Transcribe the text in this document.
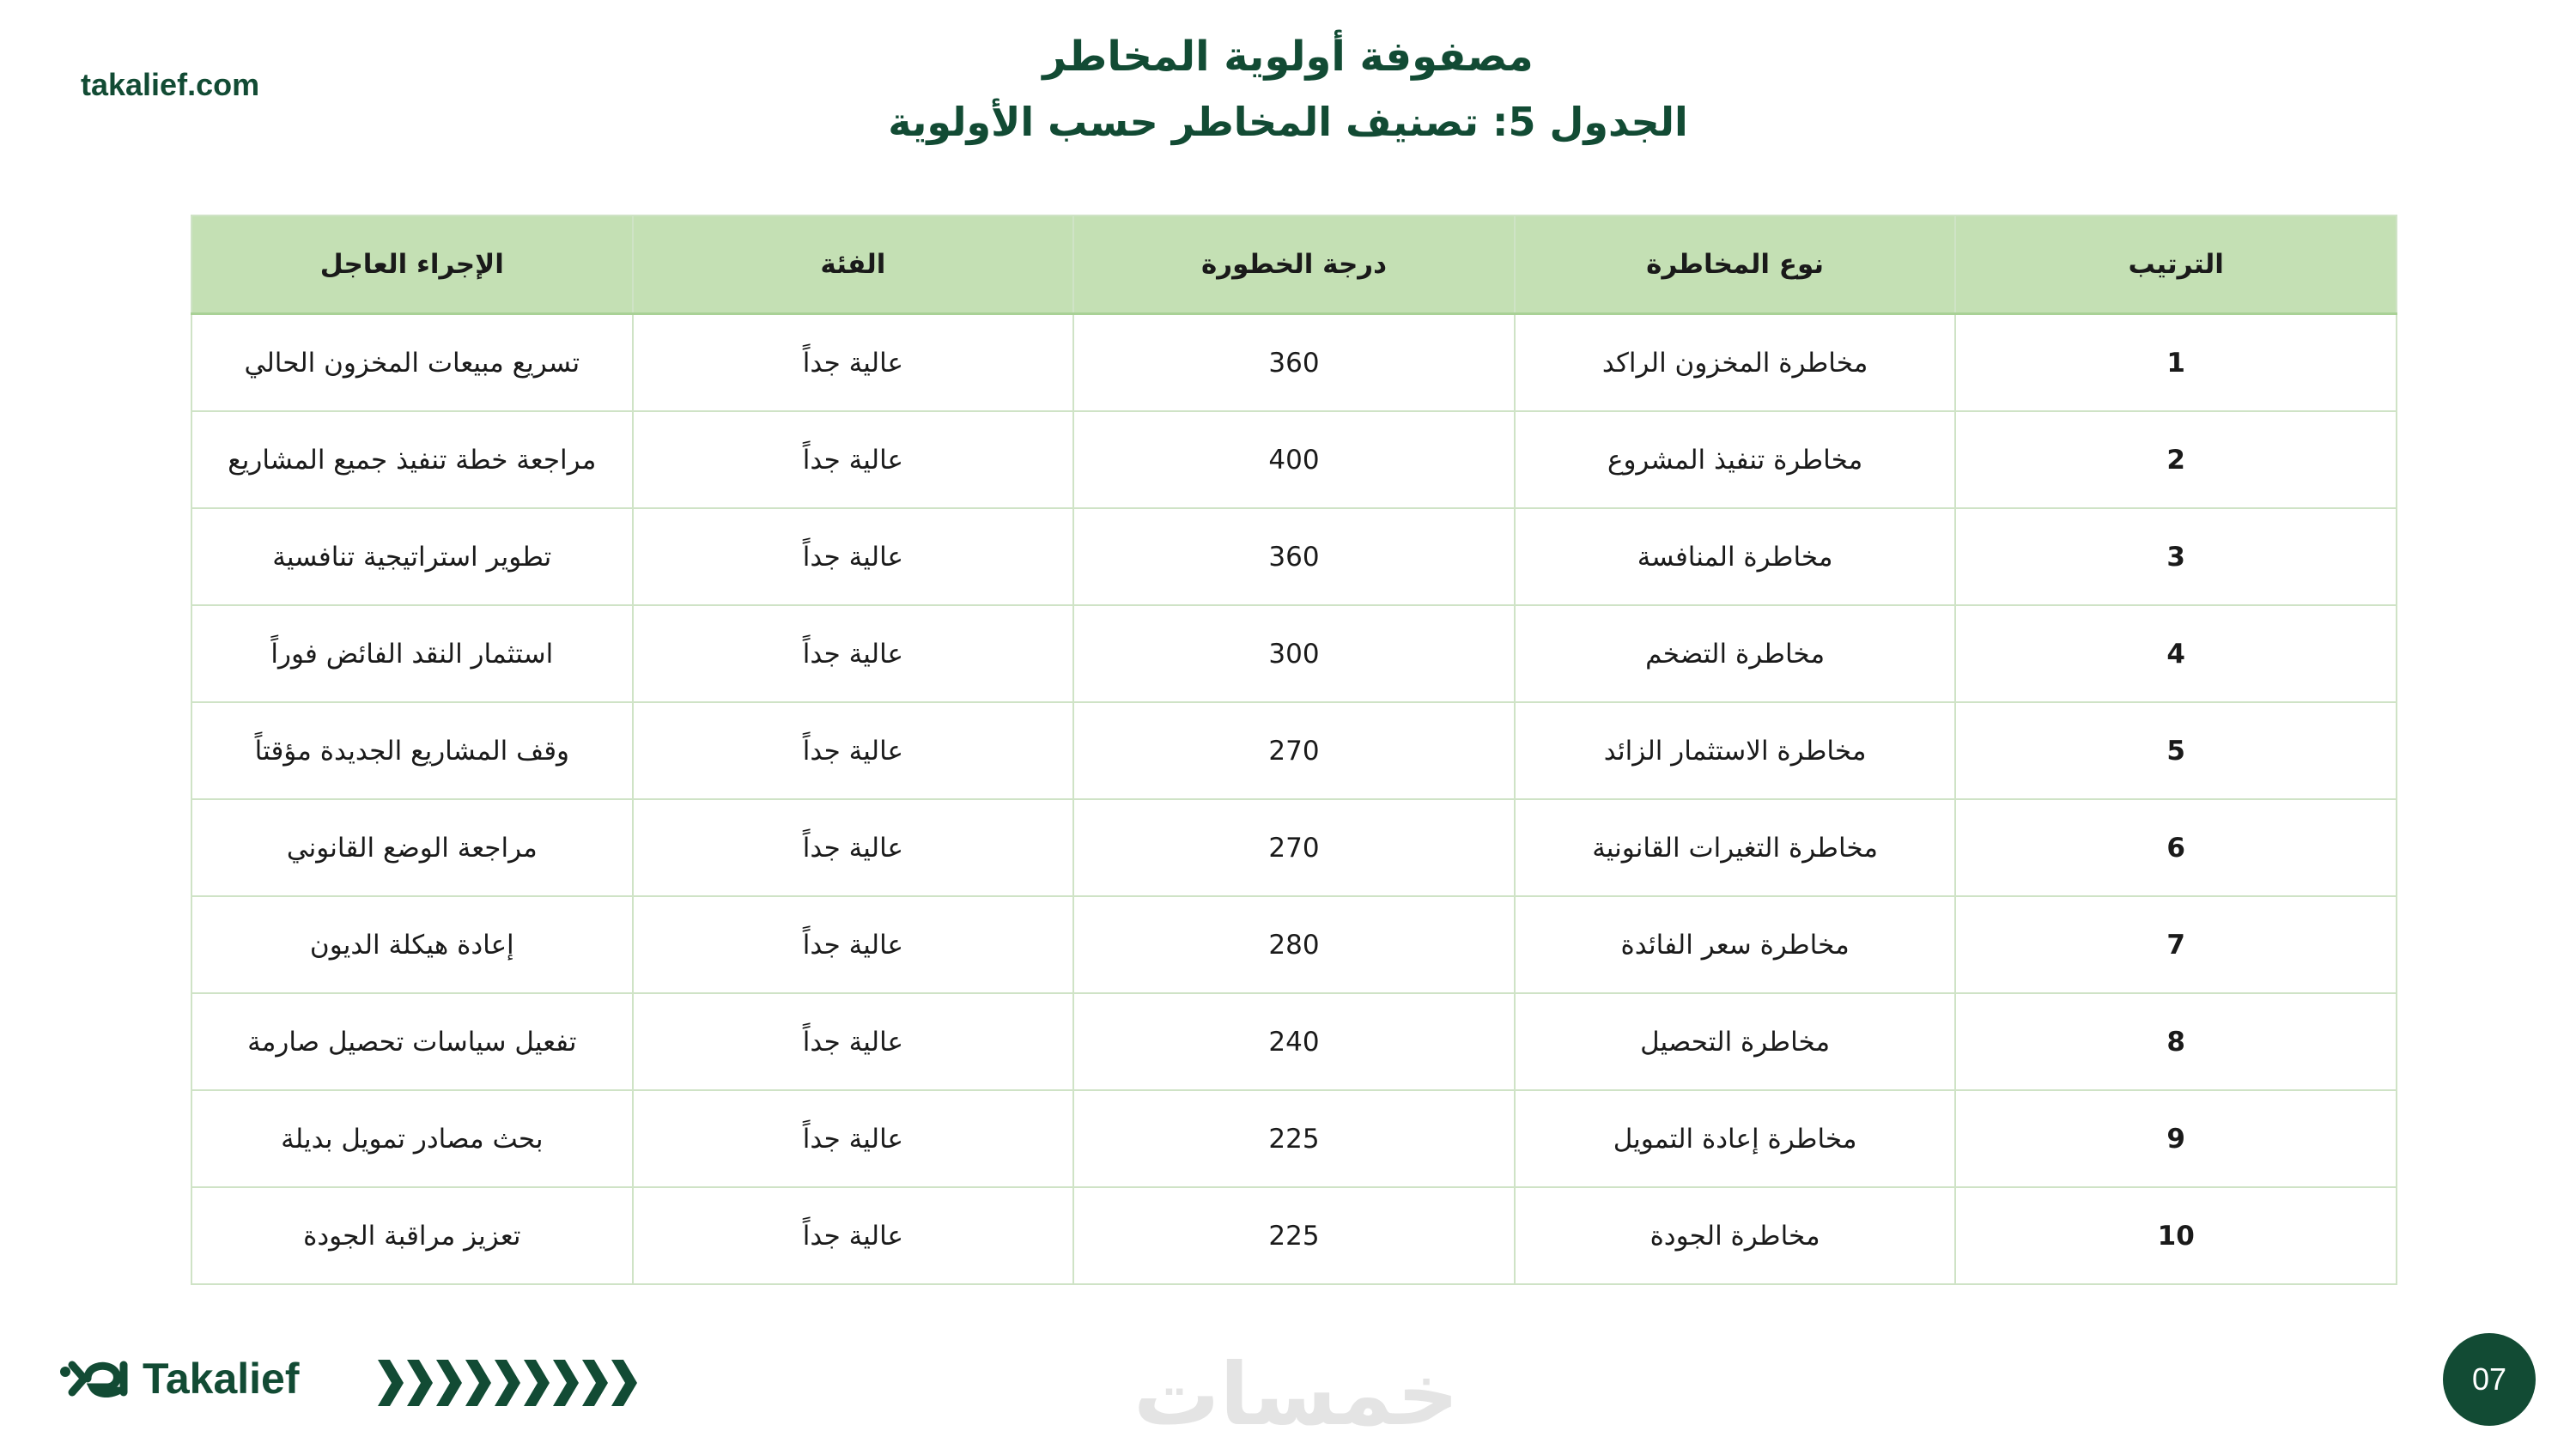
takalief.com
مصفوفة أولوية المخاطر
الجدول 5: تصنيف المخاطر حسب الأولوية
الترتيب	نوع المخاطرة	درجة الخطورة	الفئة	الإجراء العاجل
1	مخاطرة المخزون الراكد	360	عالية جداً	تسريع مبيعات المخزون الحالي
2	مخاطرة تنفيذ المشروع	400	عالية جداً	مراجعة خطة تنفيذ جميع المشاريع
3	مخاطرة المنافسة	360	عالية جداً	تطوير استراتيجية تنافسية
4	مخاطرة التضخم	300	عالية جداً	استثمار النقد الفائض فوراً
5	مخاطرة الاستثمار الزائد	270	عالية جداً	وقف المشاريع الجديدة مؤقتاً
6	مخاطرة التغيرات القانونية	270	عالية جداً	مراجعة الوضع القانوني
7	مخاطرة سعر الفائدة	280	عالية جداً	إعادة هيكلة الديون
8	مخاطرة التحصيل	240	عالية جداً	تفعيل سياسات تحصيل صارمة
9	مخاطرة إعادة التمويل	225	عالية جداً	بحث مصادر تمويل بديلة
10	مخاطرة الجودة	225	عالية جداً	تعزيز مراقبة الجودة
Takalief	خمسات	07
